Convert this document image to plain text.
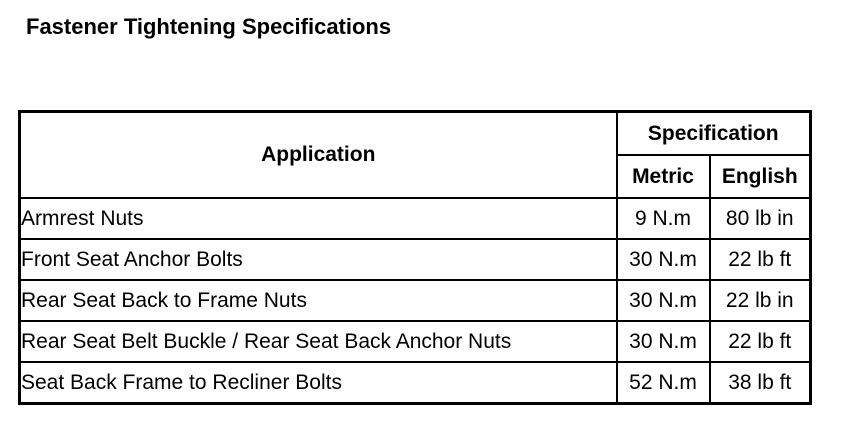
Fastener Tightening Specifications
Application	Specification	
	Metric	English
Armrest Nuts	9 N.m	80 lb in
Front Seat Anchor Bolts	30 N.m	22 lb ft
Rear Seat Back to Frame Nuts	30 N.m	22 lb in
Rear Seat Belt Buckle / Rear Seat Back Anchor Nuts	30 N.m	22 lb ft
Seat Back Frame to Recliner Bolts	52 N.m	38 lb ft
